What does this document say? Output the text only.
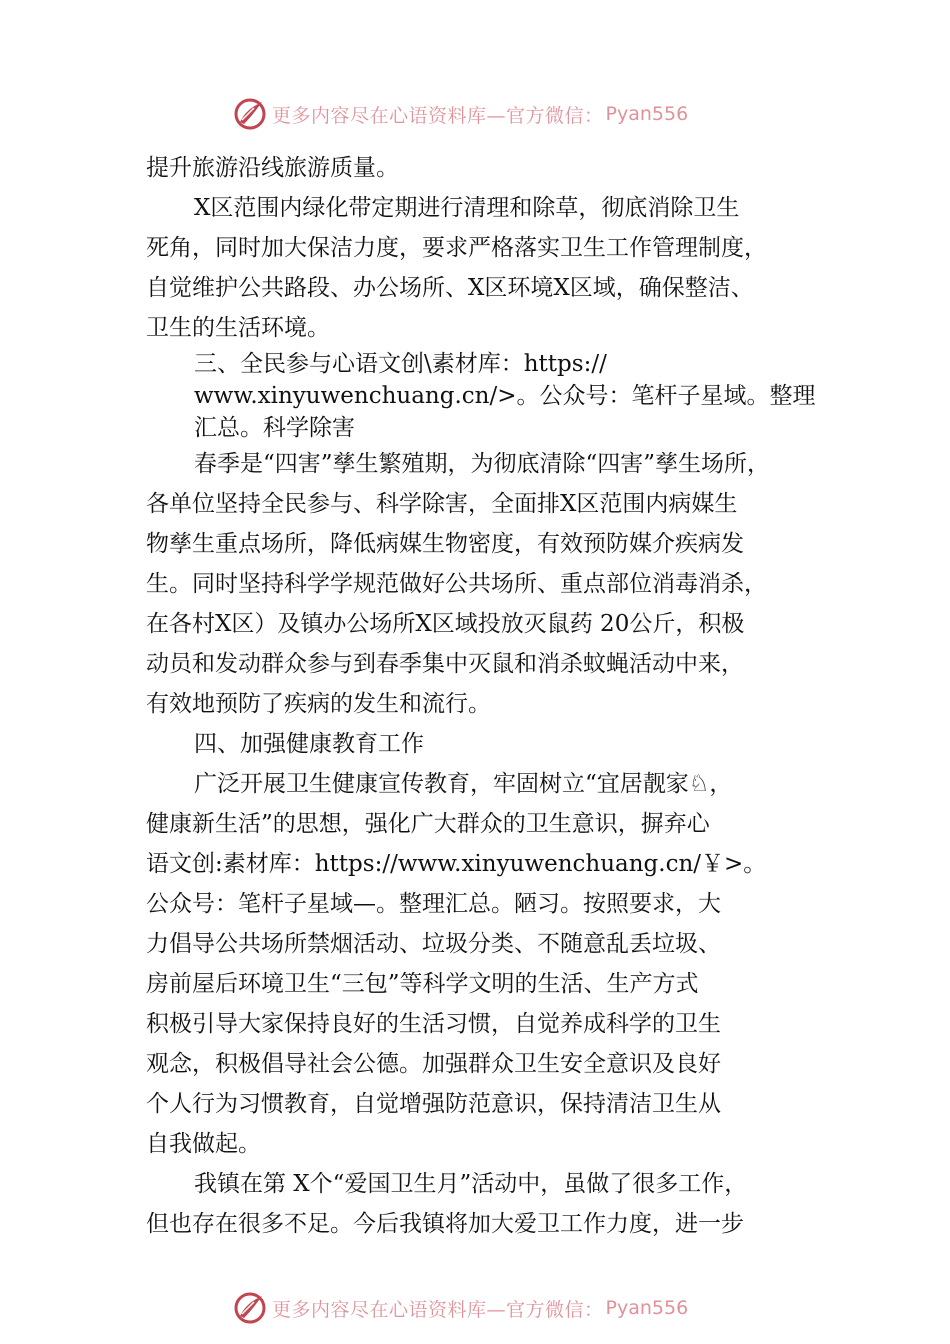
更多内容尽在心语资料库—官方微信： Pyan556
提升旅游沿线旅游质量。
X区范围内绿化带定期进行清理和除草，彻底消除卫生
死角，同时加大保洁力度，要求严格落实卫生工作管理制度，
自觉维护公共路段、办公场所、X区环境X区域，确保整洁、
卫生的生活环境。
三、全民参与心语文创\素材库：https://
www.xinyuwenchuang.cn/>。公众号：笔杆子星域。整理
汇总。科学除害
春季是“四害”孳生繁殖期，为彻底清除“四害”孳生场所，
各单位坚持全民参与、科学除害，全面排X区范围内病媒生
物孳生重点场所，降低病媒生物密度，有效预防媒介疾病发
生。同时坚持科学学规范做好公共场所、重点部位消毒消杀，
在各村X区）及镇办公场所X区域投放灭鼠药 20公斤，积极
动员和发动群众参与到春季集中灭鼠和消杀蚊蝇活动中来，
有效地预防了疾病的发生和流行。
四、加强健康教育工作
广泛开展卫生健康宣传教育，牢固树立“宜居靓家♘，
健康新生活”的思想，强化广大群众的卫生意识，摒弃心
语文创:素材库：https://www.xinyuwenchuang.cn/￥>。
公众号：笔杆子星域—。整理汇总。陋习。按照要求，大
力倡导公共场所禁烟活动、垃圾分类、不随意乱丢垃圾、
房前屋后环境卫生“三包”等科学文明的生活、生产方式
积极引导大家保持良好的生活习惯，自觉养成科学的卫生
观念，积极倡导社会公德。加强群众卫生安全意识及良好
个人行为习惯教育，自觉增强防范意识，保持清洁卫生从
自我做起。
我镇在第 X个“爱国卫生月”活动中，虽做了很多工作，
但也存在很多不足。今后我镇将加大爱卫工作力度，进一步
更多内容尽在心语资料库—官方微信： Pyan556
